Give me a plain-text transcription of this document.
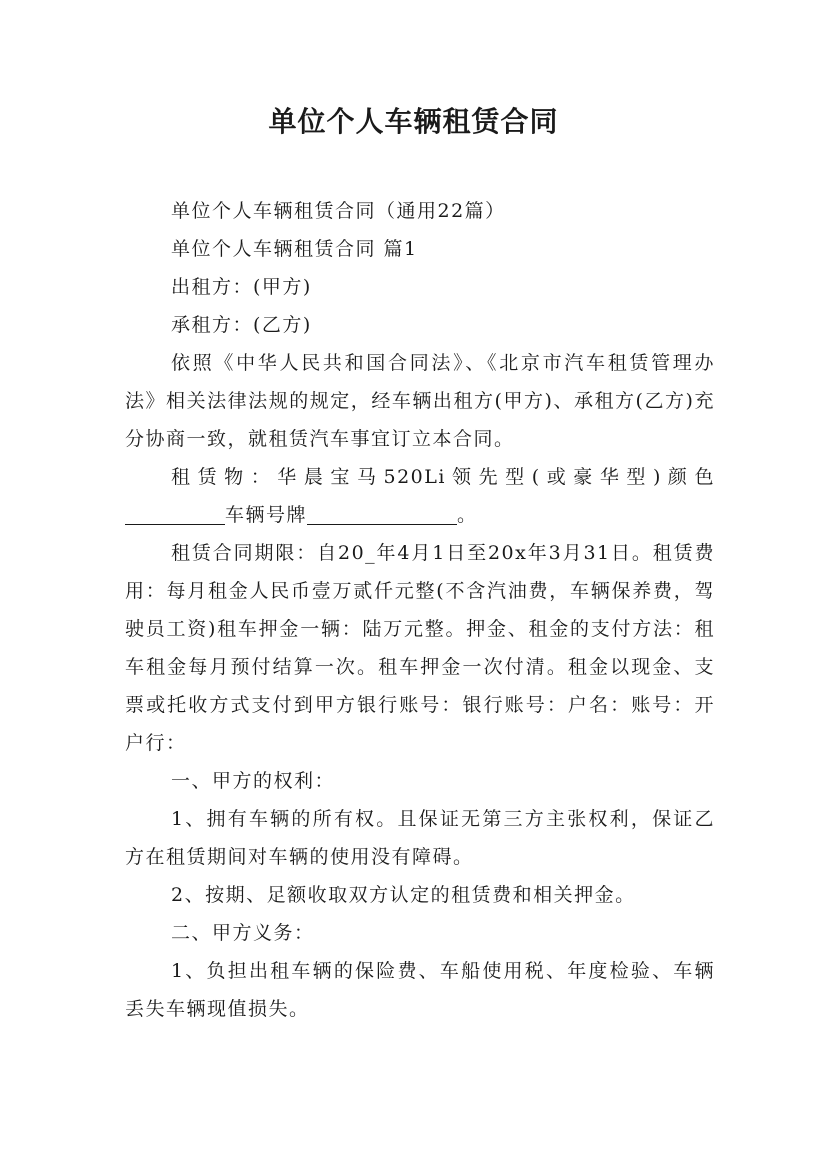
单位个人车辆租赁合同

单位个人车辆租赁合同（通用22篇）

单位个人车辆租赁合同 篇1

出租方：(甲方)

承租方：(乙方)

依照《中华人民共和国合同法》、《北京市汽车租赁管理办法》相关法律法规的规定，经车辆出租方(甲方)、承租方(乙方)充分协商一致，就租赁汽车事宜订立本合同。

租赁物：华晨宝马520Li领先型(或豪华型)颜色

车辆号牌	。

租赁合同期限：自20_年4月1日至20x年3月31日。租赁费用：每月租金人民币壹万贰仟元整(不含汽油费，车辆保养费，驾驶员工资)租车押金一辆：陆万元整。押金、租金的支付方法：租车租金每月预付结算一次。租车押金一次付清。租金以现金、支票或托收方式支付到甲方银行账号：银行账号：户名：账号：开户行：

一、甲方的权利：

1、拥有车辆的所有权。且保证无第三方主张权利，保证乙方在租赁期间对车辆的使用没有障碍。

2、按期、足额收取双方认定的租赁费和相关押金。

二、甲方义务：

1、负担出租车辆的保险费、车船使用税、年度检验、车辆丢失车辆现值损失。
